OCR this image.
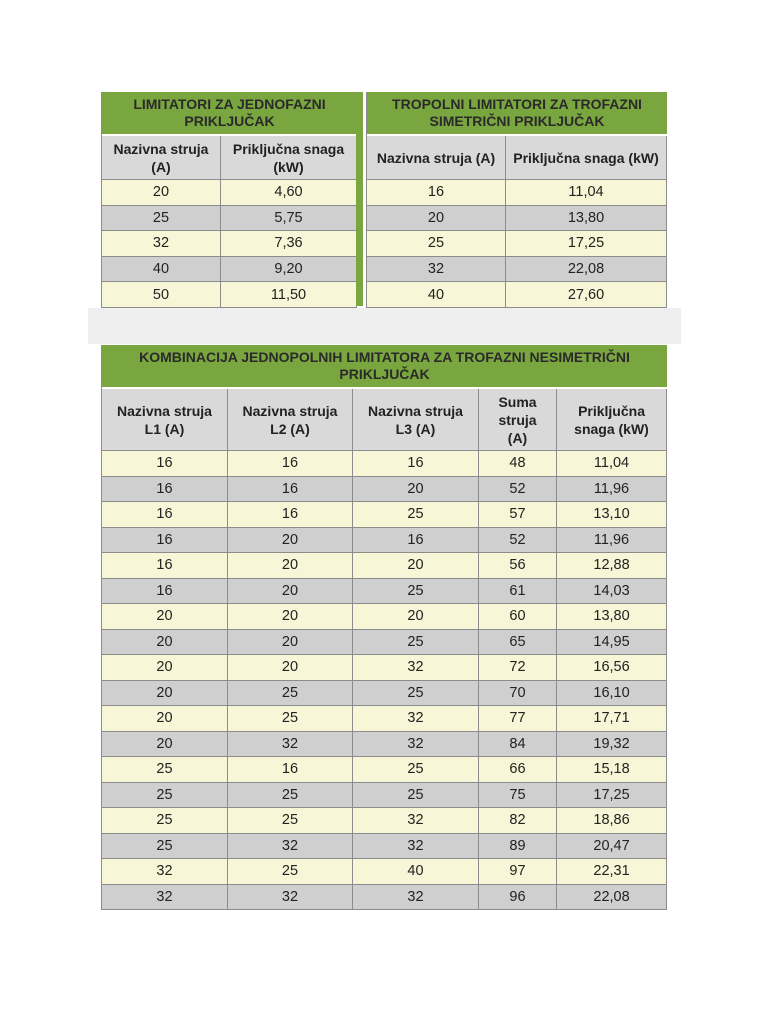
LIMITATORI ZA JEDNOFAZNI PRIKLJUČAK	
Nazivna struja (A)	Priključna snaga (kW)
20	4,60
25	5,75
32	7,36
40	9,20
50	11,50
TROPOLNI LIMITATORI ZA TROFAZNI SIMETRIČNI PRIKLJUČAK	
Nazivna struja (A)	Priključna snaga (kW)
16	11,04
20	13,80
25	17,25
32	22,08
40	27,60
KOMBINACIJA JEDNOPOLNIH LIMITATORA ZA TROFAZNI NESIMETRIČNI PRIKLJUČAK				
Nazivna struja L1 (A)	Nazivna struja L2 (A)	Nazivna struja L3 (A)	Suma struja (A)	Priključna snaga (kW)
16	16	16	48	11,04
16	16	20	52	11,96
16	16	25	57	13,10
16	20	16	52	11,96
16	20	20	56	12,88
16	20	25	61	14,03
20	20	20	60	13,80
20	20	25	65	14,95
20	20	32	72	16,56
20	25	25	70	16,10
20	25	32	77	17,71
20	32	32	84	19,32
25	16	25	66	15,18
25	25	25	75	17,25
25	25	32	82	18,86
25	32	32	89	20,47
32	25	40	97	22,31
32	32	32	96	22,08
